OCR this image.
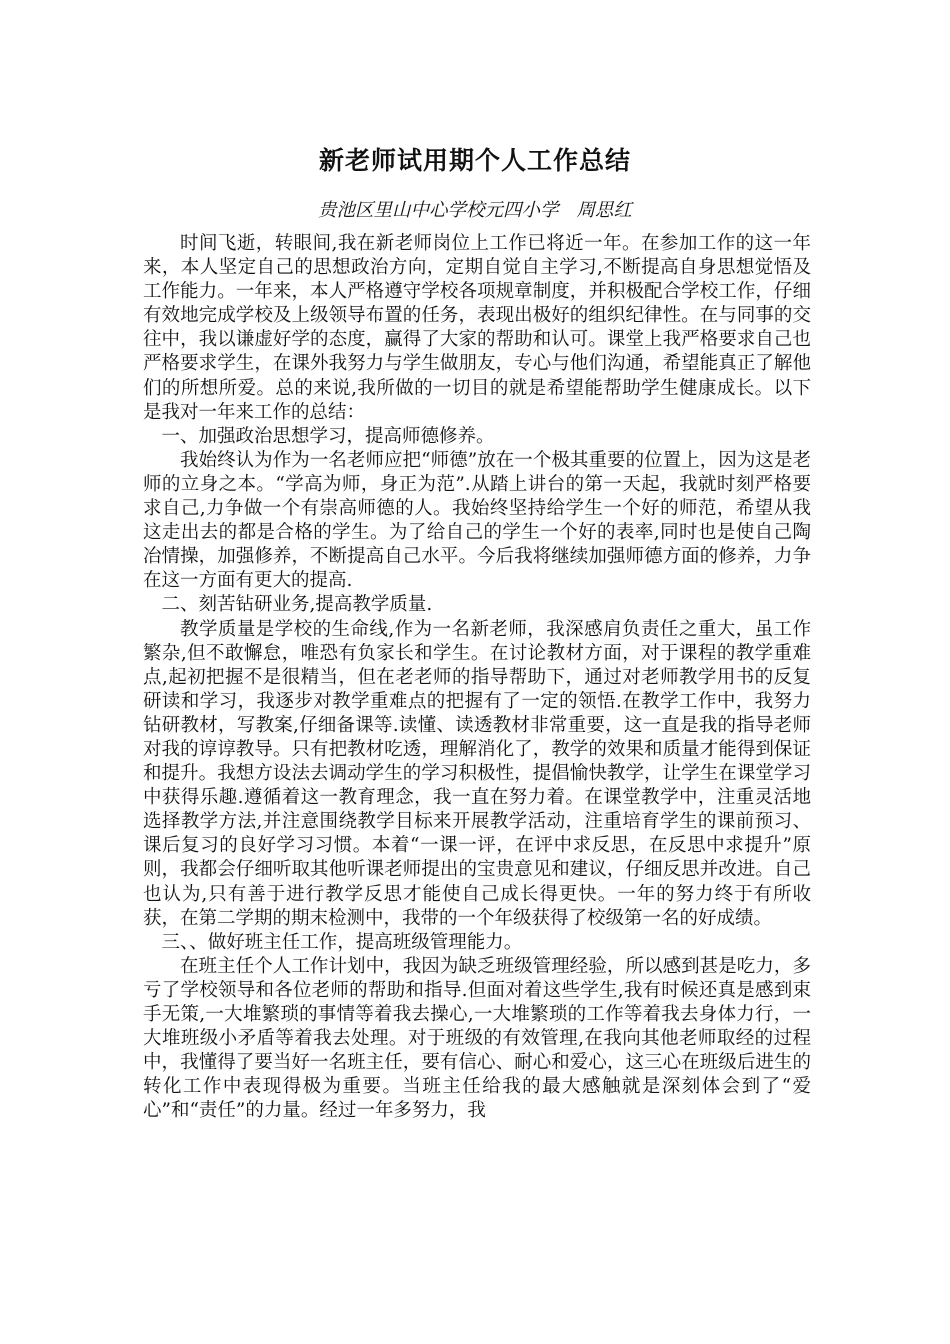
新老师试用期个人工作总结
贵池区里山中心学校元四小学 周思红

时间飞逝，转眼间,我在新老师岗位上工作已将近一年。在参加工作的这一年来，本人坚定自己的思想政治方向，定期自觉自主学习,不断提高自身思想觉悟及工作能力。一年来，本人严格遵守学校各项规章制度，并积极配合学校工作，仔细有效地完成学校及上级领导布置的任务，表现出极好的组织纪律性。在与同事的交往中，我以谦虚好学的态度，赢得了大家的帮助和认可。课堂上我严格要求自己也严格要求学生，在课外我努力与学生做朋友，专心与他们沟通，希望能真正了解他们的所想所爱。总的来说,我所做的一切目的就是希望能帮助学生健康成长。以下是我对一年来工作的总结：

一、加强政治思想学习，提高师德修养。

我始终认为作为一名老师应把“师德”放在一个极其重要的位置上，因为这是老师的立身之本。“学高为师，身正为范”.从踏上讲台的第一天起，我就时刻严格要求自己,力争做一个有崇高师德的人。我始终坚持给学生一个好的师范，希望从我这走出去的都是合格的学生。为了给自己的学生一个好的表率,同时也是使自己陶冶情操，加强修养，不断提高自己水平。今后我将继续加强师德方面的修养，力争在这一方面有更大的提高.

二、刻苦钻研业务,提高教学质量.

教学质量是学校的生命线,作为一名新老师，我深感肩负责任之重大，虽工作繁杂,但不敢懈怠，唯恐有负家长和学生。在讨论教材方面，对于课程的教学重难点,起初把握不是很精当，但在老老师的指导帮助下，通过对老师教学用书的反复研读和学习，我逐步对教学重难点的把握有了一定的领悟.在教学工作中，我努力钻研教材，写教案,仔细备课等.读懂、读透教材非常重要，这一直是我的指导老师对我的谆谆教导。只有把教材吃透，理解消化了，教学的效果和质量才能得到保证和提升。我想方设法去调动学生的学习积极性，提倡愉快教学，让学生在课堂学习中获得乐趣.遵循着这一教育理念，我一直在努力着。在课堂教学中，注重灵活地选择教学方法,并注意围绕教学目标来开展教学活动，注重培育学生的课前预习、课后复习的良好学习习惯。本着“一课一评，在评中求反思，在反思中求提升”原则，我都会仔细听取其他听课老师提出的宝贵意见和建议，仔细反思并改进。自己也认为,只有善于进行教学反思才能使自己成长得更快。一年的努力终于有所收获，在第二学期的期末检测中，我带的一个年级获得了校级第一名的好成绩。

三、、做好班主任工作，提高班级管理能力。

在班主任个人工作计划中，我因为缺乏班级管理经验，所以感到甚是吃力，多亏了学校领导和各位老师的帮助和指导.但面对着这些学生,我有时候还真是感到束手无策,一大堆繁琐的事情等着我去操心,一大堆繁琐的工作等着我去身体力行，一大堆班级小矛盾等着我去处理。对于班级的有效管理,在我向其他老师取经的过程中，我懂得了要当好一名班主任，要有信心、耐心和爱心，这三心在班级后进生的转化工作中表现得极为重要。当班主任给我的最大感触就是深刻体会到了“爱心”和“责任”的力量。经过一年多努力，我
